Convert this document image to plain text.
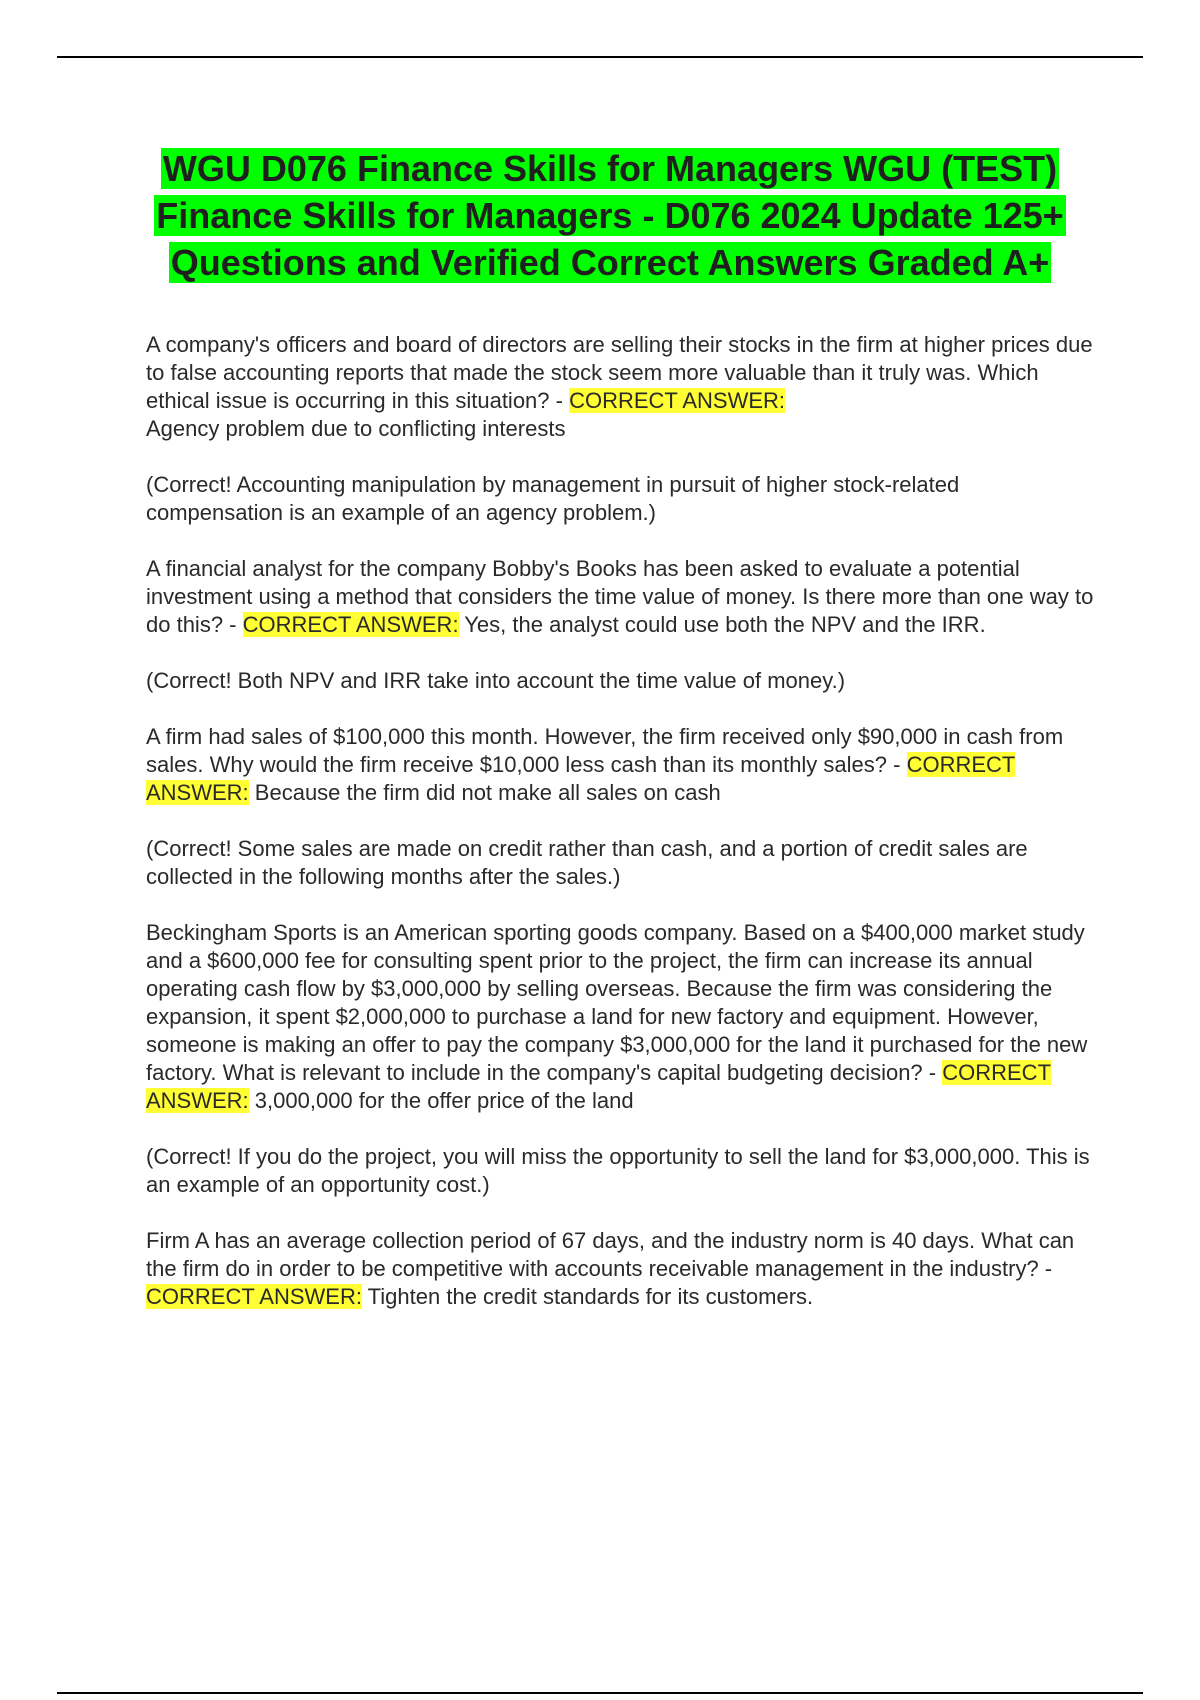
WGU D076 Finance Skills for Managers WGU (TEST) Finance Skills for Managers - D076 2024 Update 125+ Questions and Verified Correct Answers Graded A+

A company's officers and board of directors are selling their stocks in the firm at higher prices due to false accounting reports that made the stock seem more valuable than it truly was. Which ethical issue is occurring in this situation? - CORRECT ANSWER:
Agency problem due to conflicting interests

(Correct! Accounting manipulation by management in pursuit of higher stock-related compensation is an example of an agency problem.)

A financial analyst for the company Bobby's Books has been asked to evaluate a potential investment using a method that considers the time value of money. Is there more than one way to do this? - CORRECT ANSWER: Yes, the analyst could use both the NPV and the IRR.

(Correct! Both NPV and IRR take into account the time value of money.)

A firm had sales of $100,000 this month. However, the firm received only $90,000 in cash from sales. Why would the firm receive $10,000 less cash than its monthly sales? - CORRECT ANSWER: Because the firm did not make all sales on cash

(Correct! Some sales are made on credit rather than cash, and a portion of credit sales are collected in the following months after the sales.)

Beckingham Sports is an American sporting goods company. Based on a $400,000 market study and a $600,000 fee for consulting spent prior to the project, the firm can increase its annual operating cash flow by $3,000,000 by selling overseas. Because the firm was considering the expansion, it spent $2,000,000 to purchase a land for new factory and equipment. However, someone is making an offer to pay the company $3,000,000 for the land it purchased for the new factory. What is relevant to include in the company's capital budgeting decision? - CORRECT ANSWER: 3,000,000 for the offer price of the land

(Correct! If you do the project, you will miss the opportunity to sell the land for $3,000,000. This is an example of an opportunity cost.)

Firm A has an average collection period of 67 days, and the industry norm is 40 days. What can the firm do in order to be competitive with accounts receivable management in the industry? - CORRECT ANSWER: Tighten the credit standards for its customers.
